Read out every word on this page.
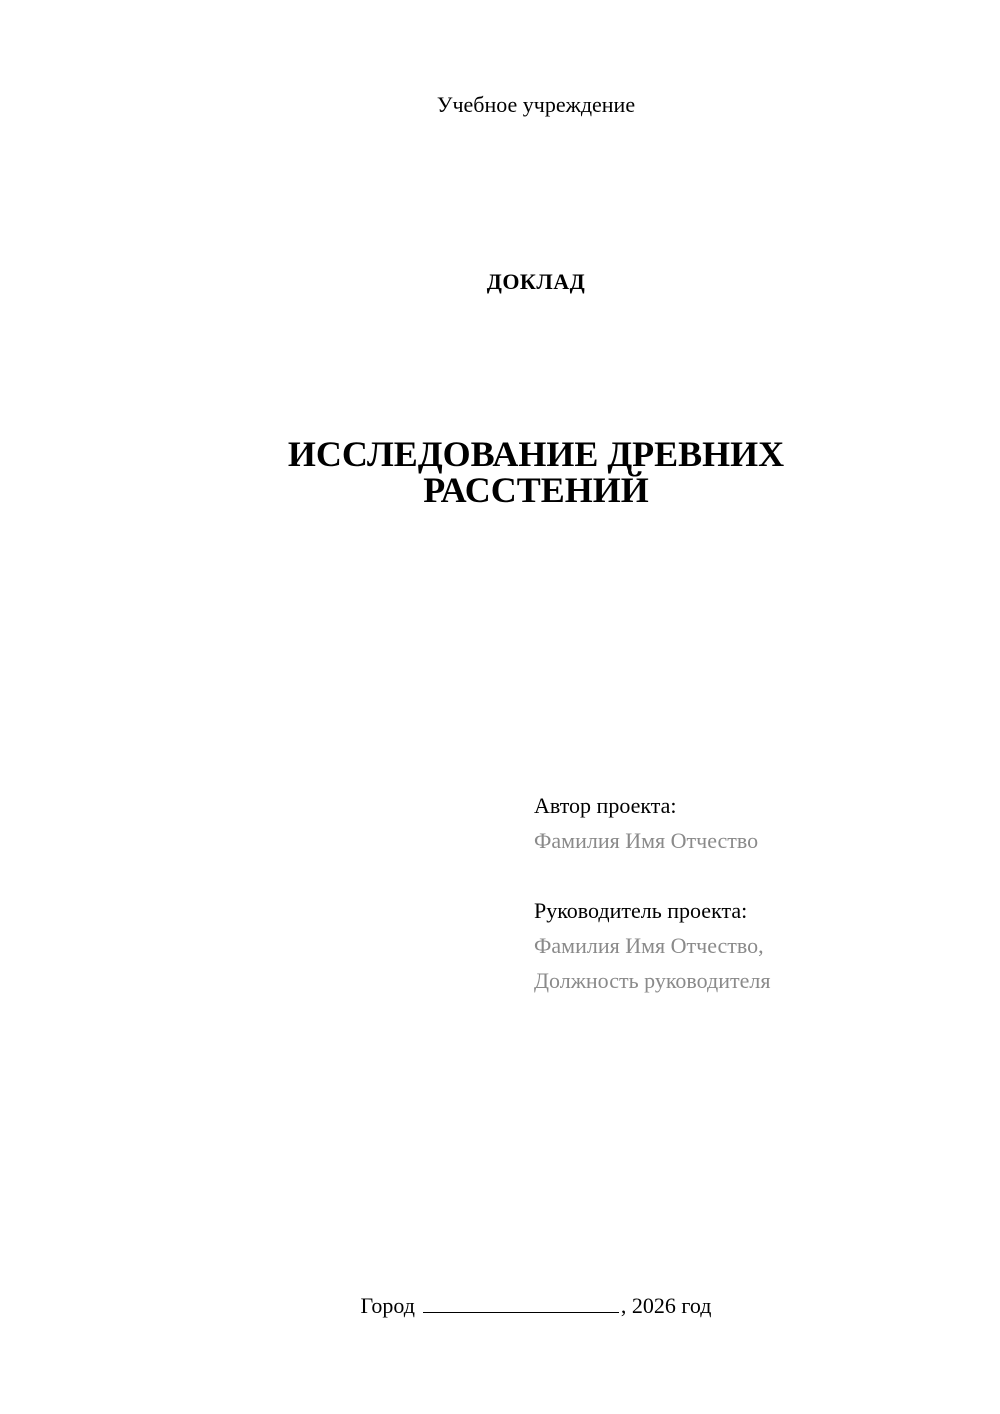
Учебное учреждение
ДОКЛАД
ИССЛЕДОВАНИЕ ДРЕВНИХ
РАССТЕНИЙ
Автор проекта:
Фамилия Имя Отчество
Руководитель проекта:
Фамилия Имя Отчество,
Должность руководителя
Город	, 2026 год
